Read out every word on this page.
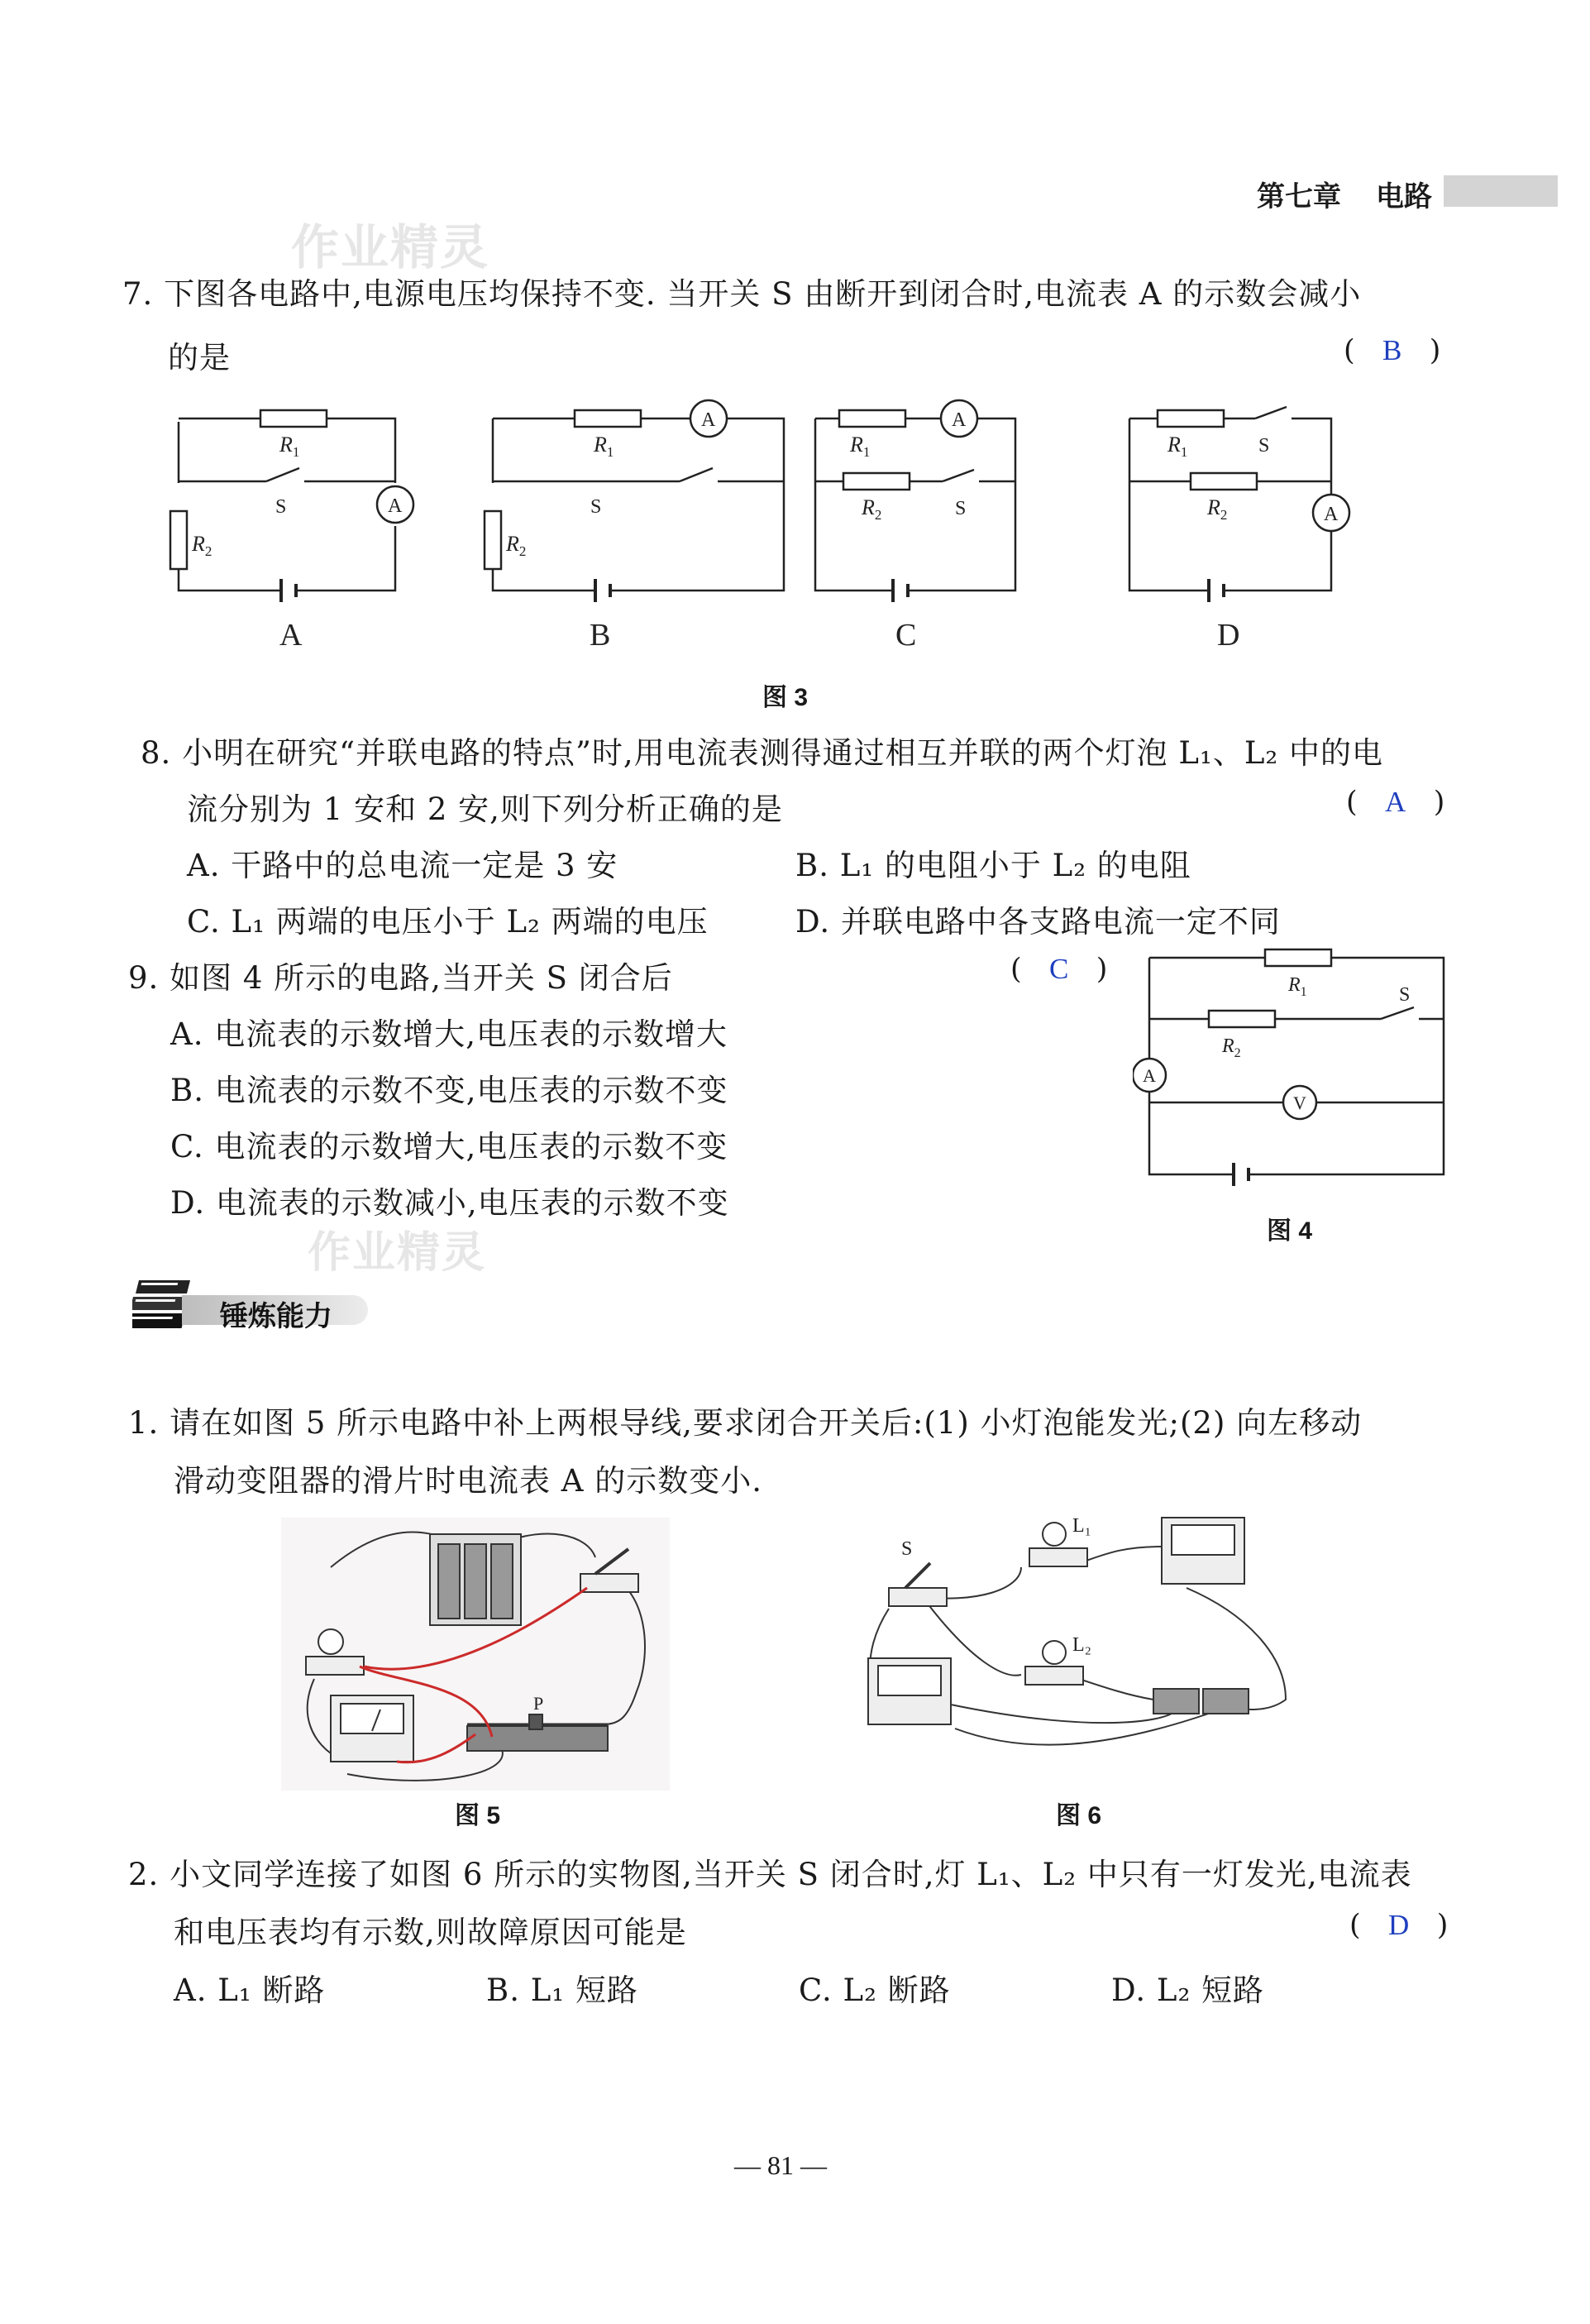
第七章 电路
作业精灵
7. 下图各电路中,电源电压均保持不变. 当开关 S 由断开到闭合时,电流表 A 的示数会减小
的是	(   B   )
$R_1$
$R_2$
$R_1$
$R_2$
$R_1$
$R_2$
$R_1$
$R_2$
S	S	S
S
A
A	A
A
A	B	C	D
图 3
8. 小明在研究“并联电路的特点”时,用电流表测得通过相互并联的两个灯泡 L₁、L₂ 中的电
流分别为 1 安和 2 安,则下列分析正确的是	(   A   )
A. 干路中的总电流一定是 3 安	B. L₁ 的电阻小于 L₂ 的电阻
C. L₁ 两端的电压小于 L₂ 两端的电压	D. 并联电路中各支路电流一定不同
9. 如图 4 所示的电路,当开关 S 闭合后	(   C   )
A. 电流表的示数增大,电压表的示数增大
B. 电流表的示数不变,电压表的示数不变
C. 电流表的示数增大,电压表的示数不变
D. 电流表的示数减小,电压表的示数不变
$R_1$
$R_2$
S
A
V
图 4
作业精灵
锤炼能力
1. 请在如图 5 所示电路中补上两根导线,要求闭合开关后:(1) 小灯泡能发光;(2) 向左移动
滑动变阻器的滑片时电流表 A 的示数变小.
P
图 5
S
L₁
L₂
图 6
2. 小文同学连接了如图 6 所示的实物图,当开关 S 闭合时,灯 L₁、L₂ 中只有一灯发光,电流表
和电压表均有示数,则故障原因可能是	(   D   )
A. L₁ 断路	B. L₁ 短路	C. L₂ 断路	D. L₂ 短路
— 81 —
